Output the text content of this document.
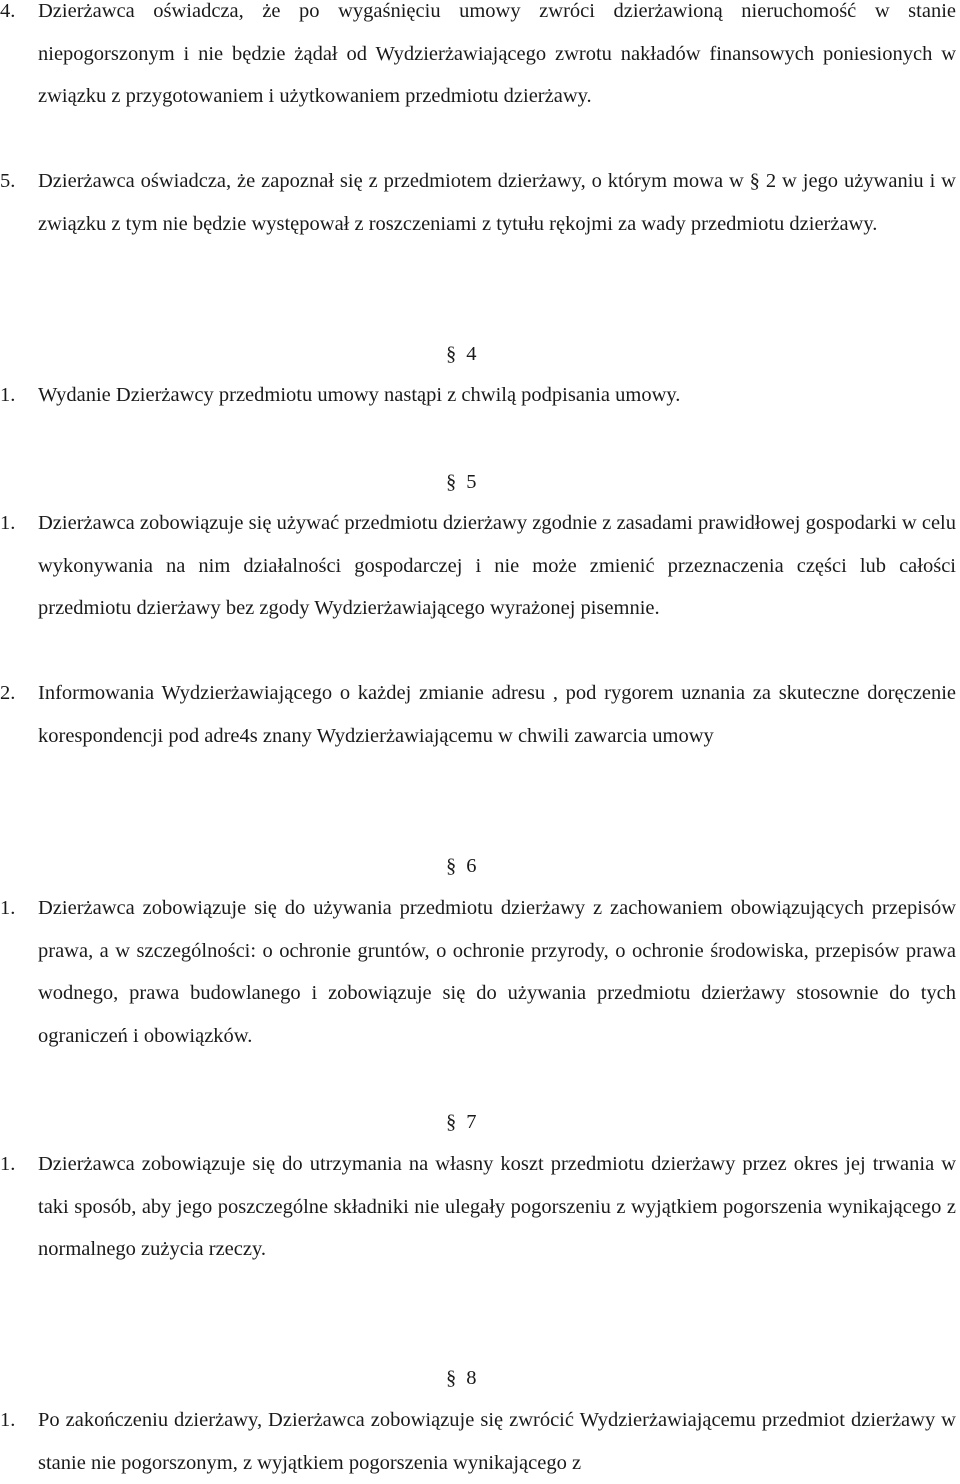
4. Dzierżawca oświadcza, że po wygaśnięciu umowy zwróci dzierżawioną nieruchomość w stanie niepogorszonym i nie będzie żądał od Wydzierżawiającego zwrotu nakładów finansowych poniesionych w związku z przygotowaniem i użytkowaniem przedmiotu dzierżawy.

5. Dzierżawca oświadcza, że zapoznał się z przedmiotem dzierżawy, o którym mowa w § 2 w jego używaniu i w związku z tym nie będzie występował z roszczeniami z tytułu rękojmi za wady przedmiotu dzierżawy.

§ 4

1. Wydanie Dzierżawcy przedmiotu umowy nastąpi z chwilą podpisania umowy.

§ 5

1. Dzierżawca zobowiązuje się używać przedmiotu dzierżawy zgodnie z zasadami prawidłowej gospodarki w celu wykonywania na nim działalności gospodarczej i nie może zmienić przeznaczenia części lub całości przedmiotu dzierżawy bez zgody Wydzierżawiającego wyrażonej pisemnie.

2. Informowania Wydzierżawiającego o każdej zmianie adresu , pod rygorem uznania za skuteczne doręczenie korespondencji pod adre4s znany Wydzierżawiającemu w chwili zawarcia umowy

§ 6

1. Dzierżawca zobowiązuje się do używania przedmiotu dzierżawy z zachowaniem obowiązujących przepisów prawa, a w szczególności: o ochronie gruntów, o ochronie przyrody, o ochronie środowiska, przepisów prawa wodnego, prawa budowlanego i zobowiązuje się do używania przedmiotu dzierżawy stosownie do tych ograniczeń i obowiązków.

§ 7

1. Dzierżawca zobowiązuje się do utrzymania na własny koszt przedmiotu dzierżawy przez okres jej trwania w taki sposób, aby jego poszczególne składniki nie ulegały pogorszeniu z wyjątkiem pogorszenia wynikającego z normalnego zużycia rzeczy.

§ 8

1. Po zakończeniu dzierżawy, Dzierżawca zobowiązuje się zwrócić Wydzierżawiającemu przedmiot dzierżawy w stanie nie pogorszonym, z wyjątkiem pogorszenia wynikającego z
